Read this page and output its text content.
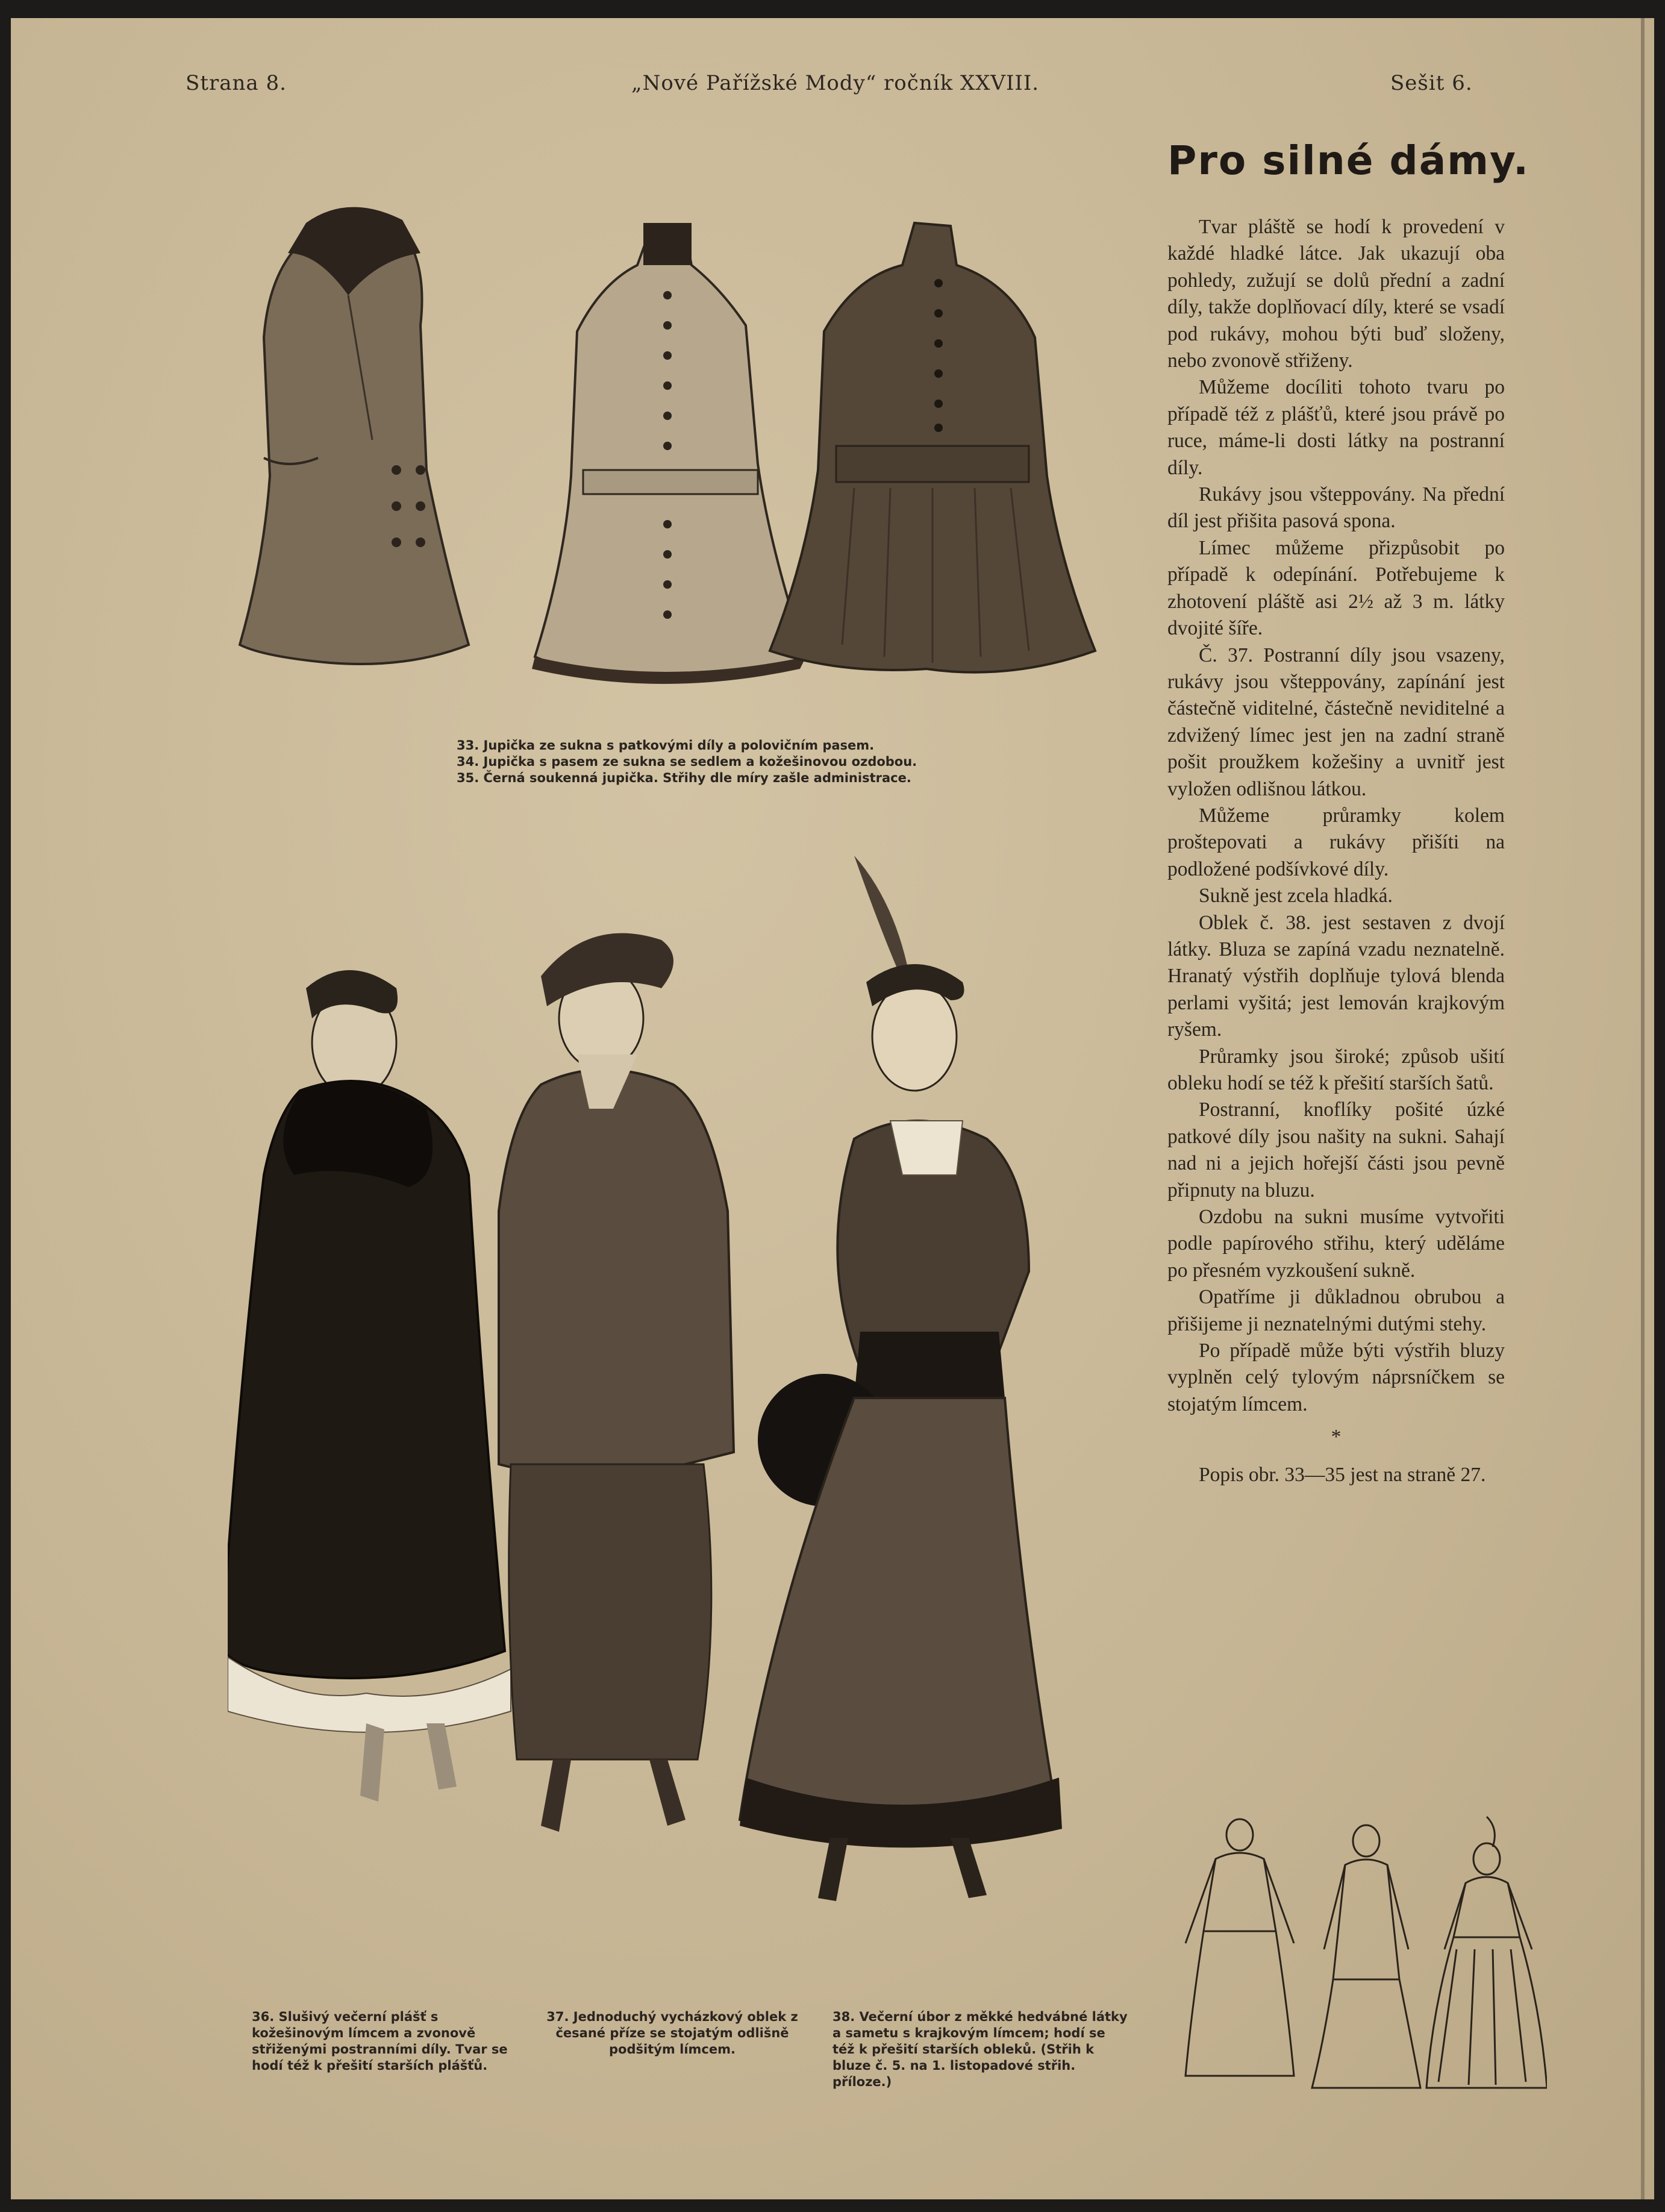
Strana 8.	„Nové Pařížské Mody“ ročník XXVIII.	Sešit 6.
33. Jupička ze sukna s patkovými díly a polovičním pasem.
34. Jupička s pasem ze sukna se sedlem a kožešinovou ozdobou.
35. Černá soukenná jupička. Střihy dle míry zašle administrace.
36. Slušivý večerní plášť s kožešinovým límcem a zvonově střiženými postranními díly. Tvar se hodí též k přešití starších plášťů.
37. Jednoduchý vycházkový oblek z česané příze se stojatým odlišně podšitým límcem.
38. Večerní úbor z měkké hedvábné látky a sametu s krajkovým límcem; hodí se též k přešití starších obleků. (Střih k bluze č. 5. na 1. listopadové střih. příloze.)
Pro silné dámy.

Tvar pláště se hodí k provedení v každé hladké látce. Jak ukazují oba pohledy, zužují se dolů přední a zadní díly, takže doplňovací díly, které se vsadí pod rukávy, mohou býti buď složeny, nebo zvonově střiženy.

Můžeme docíliti tohoto tvaru po případě též z plášťů, které jsou právě po ruce, máme-li dosti látky na postranní díly.

Rukávy jsou všteppovány. Na přední díl jest přišita pasová spona.

Límec můžeme přizpůsobit po případě k odepínání. Potřebujeme k zhotovení pláště asi 2½ až 3 m. látky dvojité šíře.

Č. 37. Postranní díly jsou vsazeny, rukávy jsou všteppovány, zapínání jest částečně viditelné, částečně neviditelné a zdvižený límec jest jen na zadní straně pošit proužkem kožešiny a uvnitř jest vyložen odlišnou látkou.

Můžeme průramky kolem proštepovati a rukávy přišíti na podložené podšívkové díly.

Sukně jest zcela hladká.

Oblek č. 38. jest sestaven z dvojí látky. Bluza se zapíná vzadu neznatelně. Hranatý výstřih doplňuje tylová blenda perlami vyšitá; jest lemován krajkovým ryšem.

Průramky jsou široké; způsob ušití obleku hodí se též k přešití starších šatů.

Postranní, knoflíky pošité úzké patkové díly jsou našity na sukni. Sahají nad ni a jejich hořejší části jsou pevně připnuty na bluzu.

Ozdobu na sukni musíme vytvořiti podle papírového střihu, který uděláme po přesném vyzkoušení sukně.

Opatříme ji důkladnou obrubou a přišijeme ji neznatelnými dutými stehy.

Po případě může býti výstřih bluzy vyplněn celý tylovým náprsníčkem se stojatým límcem.

*

Popis obr. 33—35 jest na straně 27.
